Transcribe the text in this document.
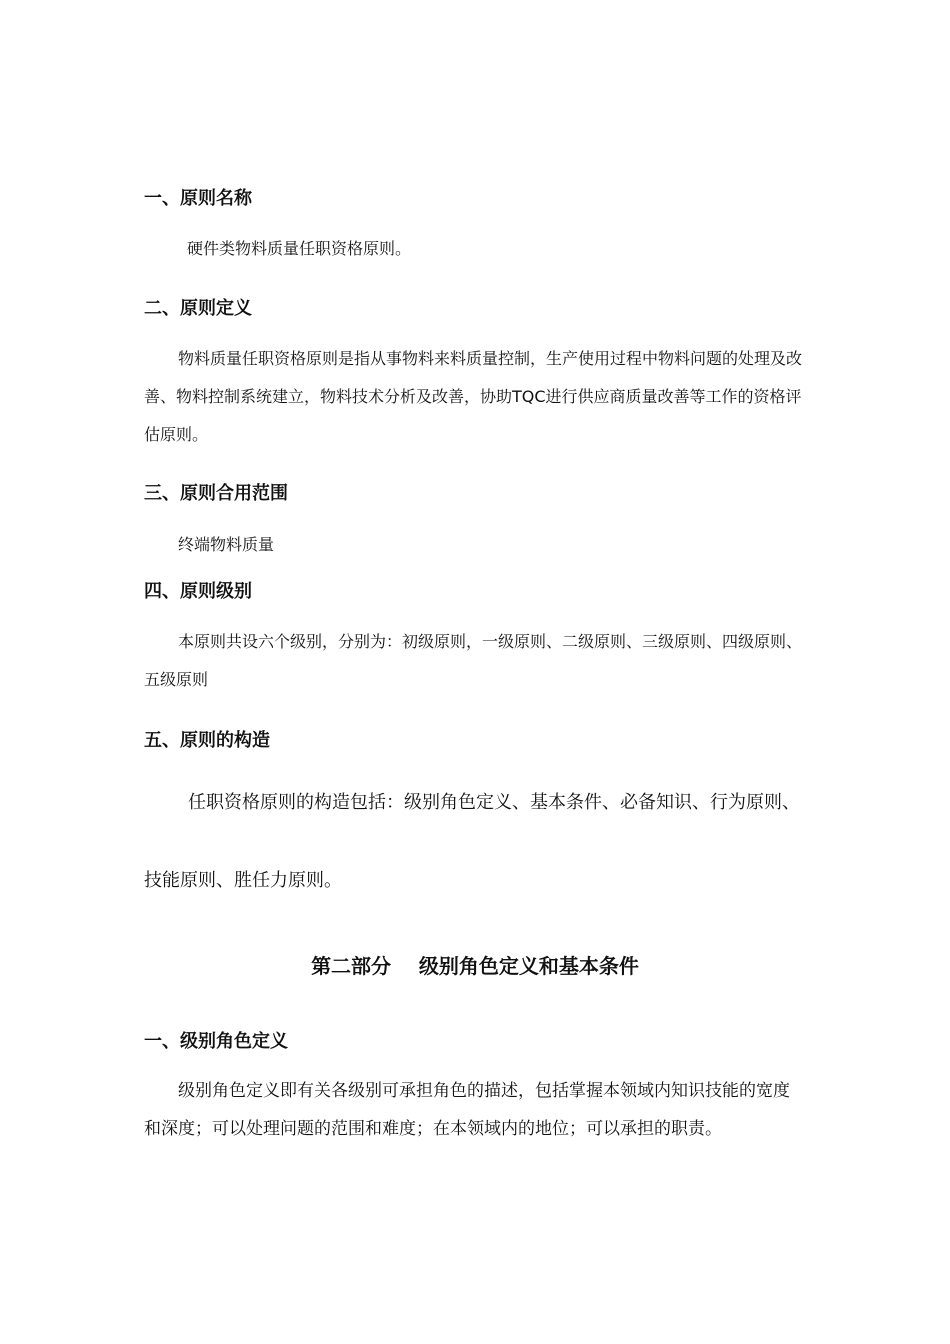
一、原则名称
硬件类物料质量任职资格原则。
二、原则定义

物料质量任职资格原则是指从事物料来料质量控制，生产使用过程中物料问题的处理及改善、物料控制系统建立，物料技术分析及改善，协助TQC进行供应商质量改善等工作的资格评估原则。

三、原则合用范围
终端物料质量
四、原则级别

本原则共设六个级别，分别为：初级原则，一级原则、二级原则、三级原则、四级原则、五级原则

五、原则的构造

任职资格原则的构造包括：级别角色定义、基本条件、必备知识、行为原则、技能原则、胜任力原则。

第二部分    级别角色定义和基本条件
一、级别角色定义

级别角色定义即有关各级别可承担角色的描述，包括掌握本领域内知识技能的宽度和深度；可以处理问题的范围和难度；在本领域内的地位；可以承担的职责。
